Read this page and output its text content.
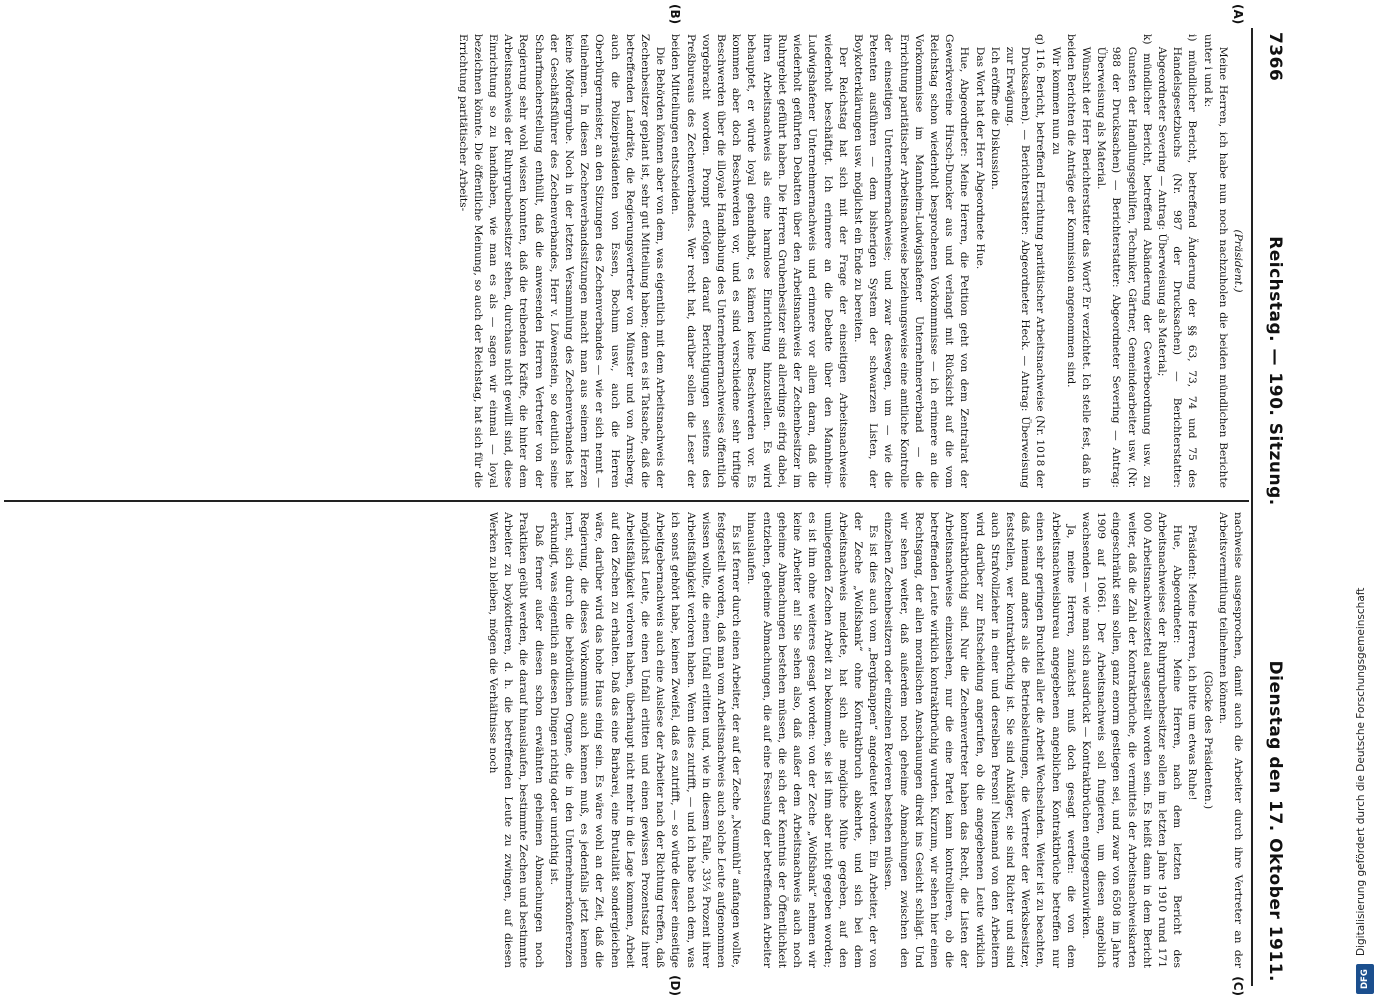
7366
Reichstag. — 190. Sitzung.
Dienstag den 17. Oktober 1911.
(A)
(B)
(C)
(D)

(Präsident.)

Meine Herren, ich habe nun noch nachzuholen die beiden mündlichen Berichte unter i und k:

i) mündlicher Bericht, betreffend Änderung der §§ 63, 73, 74 und 75 des Handelsgesetzbuchs (Nr. 987 der Drucksachen) — Berichterstatter: Abgeordneter Severing — Antrag: Überweisung als Material;

k) mündlicher Bericht, betreffend Abänderung der Gewerbeordnung usw. zu Gunsten der Handlungsgehilfen, Techniker, Gärtner, Gemeindearbeiter usw. (Nr. 988 der Drucksachen) — Berichterstatter: Abgeordneter Severing — Antrag: Überweisung als Material.

Wünscht der Herr Berichterstatter das Wort? Er verzichtet. Ich stelle fest, daß in beiden Berichten die Anträge der Kommission angenommen sind.

Wir kommen nun zu

q) 116. Bericht, betreffend Errichtung paritätischer Arbeitsnachweise (Nr. 1018 der Drucksachen). — Berichterstatter: Abgeordneter Heck. — Antrag: Überweisung zur Erwägung.

Ich eröffne die Diskussion.

Das Wort hat der Herr Abgeordnete Hue.

Hue, Abgeordneter: Meine Herren, die Petition geht von dem Zentralrat der Gewerkvereine Hirsch-Duncker aus und verlangt mit Rücksicht auf die vom Reichstag schon wiederholt besprochenen Vorkommnisse — ich erinnere an die Vorkommnisse im Mannheim-Ludwigshafener Unternehmerverband — die Errichtung paritätischer Arbeitsnachweise beziehungsweise eine amtliche Kontrolle der einseitigen Unternehmernachweise; und zwar deswegen, um — wie die Petenten ausführen — dem bisherigen System der schwarzen Listen, der Boykotterklärungen usw. möglichst ein Ende zu bereiten.

Der Reichstag hat sich mit der Frage der einseitigen Arbeitsnachweise wiederholt beschäftigt. Ich erinnere an die Debatte über den Mannheim-Ludwigshafener Unternehmernachweis und erinnere vor allem daran, daß die wiederholt geführten Debatten über den Arbeitsnachweis der Zechenbesitzer im Ruhrgebiet geführt haben. Die Herren Grubenbesitzer sind allerdings eifrig dabei, ihren Arbeitsnachweis als eine harmlose Einrichtung hinzustellen. Es wird behauptet, er würde loyal gehandhabt, es kämen keine Beschwerden vor. Es kommen aber doch Beschwerden vor, und es sind verschiedene sehr triftige Beschwerden über die illoyale Handhabung des Unternehmernachweises öffentlich vorgebracht worden. Prompt erfolgen darauf Berichtigungen seitens des Preßbureaus des Zechenverbandes. Wer recht hat, darüber sollen die Leser der beiden Mitteilungen entscheiden.

Die Behörden können aber von dem, was eigentlich mit dem Arbeitsnachweis der Zechenbesitzer geplant ist, sehr gut Mitteilung haben; denn es ist Tatsache, daß die betreffenden Landräte, die Regierungsvertreter von Münster und von Arnsberg, auch die Polizeipräsidenten von Essen, Bochum usw., auch die Herren Oberbürgermeister, an den Sitzungen des Zechenverbandes — wie er sich nennt — teilnehmen. In diesen Zechenverbandssitzungen macht man aus seinem Herzen keine Mördergrube. Noch in der letzten Versammlung des Zechenverbandes hat der Geschäftsführer des Zechenverbandes, Herr v. Löwenstein, so deutlich seine Scharfmacherstellung enthüllt, daß die anwesenden Herren Vertreter von der Regierung sehr wohl wissen konnten, daß die treibenden Kräfte, die hinter dem Arbeitsnachweis der Ruhrgrubenbesitzer stehen, durchaus nicht gewillt sind, diese Einrichtung so zu handhaben, wie man es als — sagen wir einmal — loyal bezeichnen könnte. Die öffentliche Meinung, so auch der Reichstag, hat sich für die Errichtung paritätischer Arbeits-

nachweise ausgesprochen, damit auch die Arbeiter durch ihre Vertreter an der Arbeitsvermittlung teilnehmen können.

(Glocke des Präsidenten.)

Präsident: Meine Herren, ich bitte um etwas Ruhe!

Hue, Abgeordneter: Meine Herren, nach dem letzten Bericht des Arbeitsnachweises der Ruhrgrubenbesitzer sollen im letzten Jahre 1910 rund 171 000 Arbeitsnachweiszettel ausgestellt worden sein. Es heißt dann in dem Bericht weiter, daß die Zahl der Kontraktbrüche, die vermittels der Arbeitsnachweiskarten eingeschränkt sein sollen, ganz enorm gestiegen sei, und zwar von 6508 im Jahre 1909 auf 10661. Der Arbeitsnachweis soll fungieren, um diesen angeblich wachsenden — wie man sich ausdrückt — Kontraktbrüchen entgegenzuwirken.

Ja, meine Herren, zunächst muß doch gesagt werden: die von dem Arbeitsnachweisbureau angegebenen angeblichen Kontraktbrüche betreffen nur einen sehr geringen Bruchteil aller die Arbeit Wechselnden. Weiter ist zu beachten, daß niemand anders als die Betriebsleitungen, die Vertreter der Werksbesitzer, feststellen, wer kontraktbrüchig ist. Sie sind Ankläger, sie sind Richter und sind auch Strafvollzieher in einer und derselben Person! Niemand von den Arbeitern wird darüber zur Entscheidung angerufen, ob die angegebenen Leute wirklich kontraktbrüchig sind. Nur die Zechenvertreter haben das Recht, die Listen der Arbeitsnachweise einzusehen, nur die eine Partei kann kontrollieren, ob die betreffenden Leute wirklich kontraktbrüchig wurden. Kurzum, wir sehen hier einen Rechtsgang, der allen moralischen Anschauungen direkt ins Gesicht schlägt. Und wir sehen weiter, daß außerdem noch geheime Abmachungen zwischen den einzelnen Zechenbesitzern oder einzelnen Revieren bestehen müssen.

Es ist dies auch vom „Bergknappen“ angedeutet worden. Ein Arbeiter, der von der Zeche „Wolfsbank“ ohne Kontraktbruch abkehrte, und sich bei dem Arbeitsnachweis meldete, hat sich alle mögliche Mühe gegeben, auf den umliegenden Zechen Arbeit zu bekommen, sie ist ihm aber nicht gegeben worden; es ist ihm ohne weiteres gesagt worden: von der Zeche „Wolfsbank“ nehmen wir keine Arbeiter an! Sie sehen also, daß außer dem Arbeitsnachweis auch noch geheime Abmachungen bestehen müssen, die sich der Kenntnis der Öffentlichkeit entziehen, geheime Abmachungen, die auf eine Fesselung der betreffenden Arbeiter hinauslaufen.

Es ist ferner durch einen Arbeiter, der auf der Zeche „Neumühl“ anfangen wollte, festgestellt worden, daß man vom Arbeitsnachweis auch solche Leute aufgenommen wissen wollte, die einen Unfall erlitten und, wie in diesem Falle, 33⅓ Prozent ihrer Arbeitsfähigkeit verloren haben. Wenn dies zutrifft, — und ich habe nach dem, was ich sonst gehört habe, keinen Zweifel, daß es zutrifft, — so würde dieser einseitige Arbeitgebernachweis auch eine Auslese der Arbeiter nach der Richtung treffen, daß möglichst Leute, die einen Unfall erlitten und einen gewissen Prozentsatz ihrer Arbeitsfähigkeit verloren haben, überhaupt nicht mehr in die Lage kommen, Arbeit auf den Zechen zu erhalten. Daß das eine Barbarei, eine Brutalität sondergleichen wäre, darüber wird das hohe Haus einig sein. Es wäre wohl an der Zeit, daß die Regierung, die dieses Vorkommnis auch kennen muß, es jedenfalls jetzt kennen lernt, sich durch die behördlichen Organe, die in den Unternehmerkonferenzen erkundigt, was eigentlich an diesen Dingen richtig oder unrichtig ist.

Daß ferner außer diesen schon erwähnten geheimen Abmachungen noch Praktiken geübt werden, die darauf hinauslaufen, bestimmte Zechen und bestimmte Arbeiter zu boykottieren, d. h. die betreffenden Leute zu zwingen, auf diesen Werken zu bleiben, mögen die Verhältnisse noch	Digitalisierung gefördert durch die Deutsche Forschungsgemeinschaft
DFG
